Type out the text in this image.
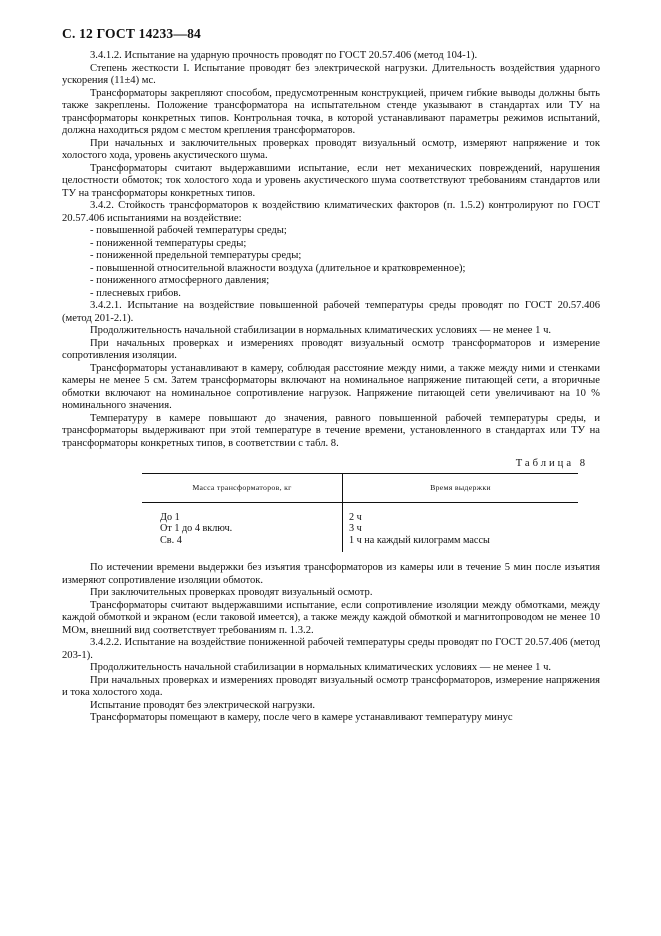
С. 12 ГОСТ 14233—84

3.4.1.2. Испытание на ударную прочность проводят по ГОСТ 20.57.406 (метод 104-1).

Степень жесткости I. Испытание проводят без электрической нагрузки. Длительность воздействия ударного ускорения (11±4) мс.

Трансформаторы закрепляют способом, предусмотренным конструкцией, причем гибкие выводы должны быть также закреплены. Положение трансформатора на испытательном стенде указывают в стандартах или ТУ на трансформаторы конкретных типов. Контрольная точка, в которой устанавливают параметры режимов испытаний, должна находиться рядом с местом крепления трансформаторов.

При начальных и заключительных проверках проводят визуальный осмотр, измеряют напряжение и ток холостого хода, уровень акустического шума.

Трансформаторы считают выдержавшими испытание, если нет механических повреждений, нарушения целостности обмоток; ток холостого хода и уровень акустического шума соответствуют требованиям стандартов или ТУ на трансформаторы конкретных типов.

3.4.2. Стойкость трансформаторов к воздействию климатических факторов (п. 1.5.2) контролируют по ГОСТ 20.57.406 испытаниями на воздействие:

- повышенной рабочей температуры среды;

- пониженной температуры среды;

- пониженной предельной температуры среды;

- повышенной относительной влажности воздуха (длительное и кратковременное);

- пониженного атмосферного давления;

- плесневых грибов.

3.4.2.1. Испытание на воздействие повышенной рабочей температуры среды проводят по ГОСТ 20.57.406 (метод 201-2.1).

Продолжительность начальной стабилизации в нормальных климатических условиях — не менее 1 ч.

При начальных проверках и измерениях проводят визуальный осмотр трансформаторов и измерение сопротивления изоляции.

Трансформаторы устанавливают в камеру, соблюдая расстояние между ними, а также между ними и стенками камеры не менее 5 см. Затем трансформаторы включают на номинальное напряжение питающей сети, а вторичные обмотки включают на номинальное сопротивление нагрузок. Напряжение питающей сети увеличивают на 10 % номинального значения.

Температуру в камере повышают до значения, равного повышенной рабочей температуры среды, и трансформаторы выдерживают при этой температуре в течение времени, установленного в стандартах или ТУ на трансформаторы конкретных типов, в соответствии с табл. 8.

Таблица 8
Масса трансформаторов, кг	Время выдержки
До 1	2 ч
От 1 до 4 включ.	3 ч
Св. 4	1 ч на каждый килограмм массы

По истечении времени выдержки без изъятия трансформаторов из камеры или в течение 5 мин после изъятия измеряют сопротивление изоляции обмоток.

При заключительных проверках проводят визуальный осмотр.

Трансформаторы считают выдержавшими испытание, если сопротивление изоляции между обмотками, между каждой обмоткой и экраном (если таковой имеется), а также между каждой обмоткой и магнитопроводом не менее 10 МОм, внешний вид соответствует требованиям п. 1.3.2.

3.4.2.2. Испытание на воздействие пониженной рабочей температуры среды проводят по ГОСТ 20.57.406 (метод 203-1).

Продолжительность начальной стабилизации в нормальных климатических условиях — не менее 1 ч.

При начальных проверках и измерениях проводят визуальный осмотр трансформаторов, измерение напряжения и тока холостого хода.

Испытание проводят без электрической нагрузки.

Трансформаторы помещают в камеру, после чего в камере устанавливают температуру минус
